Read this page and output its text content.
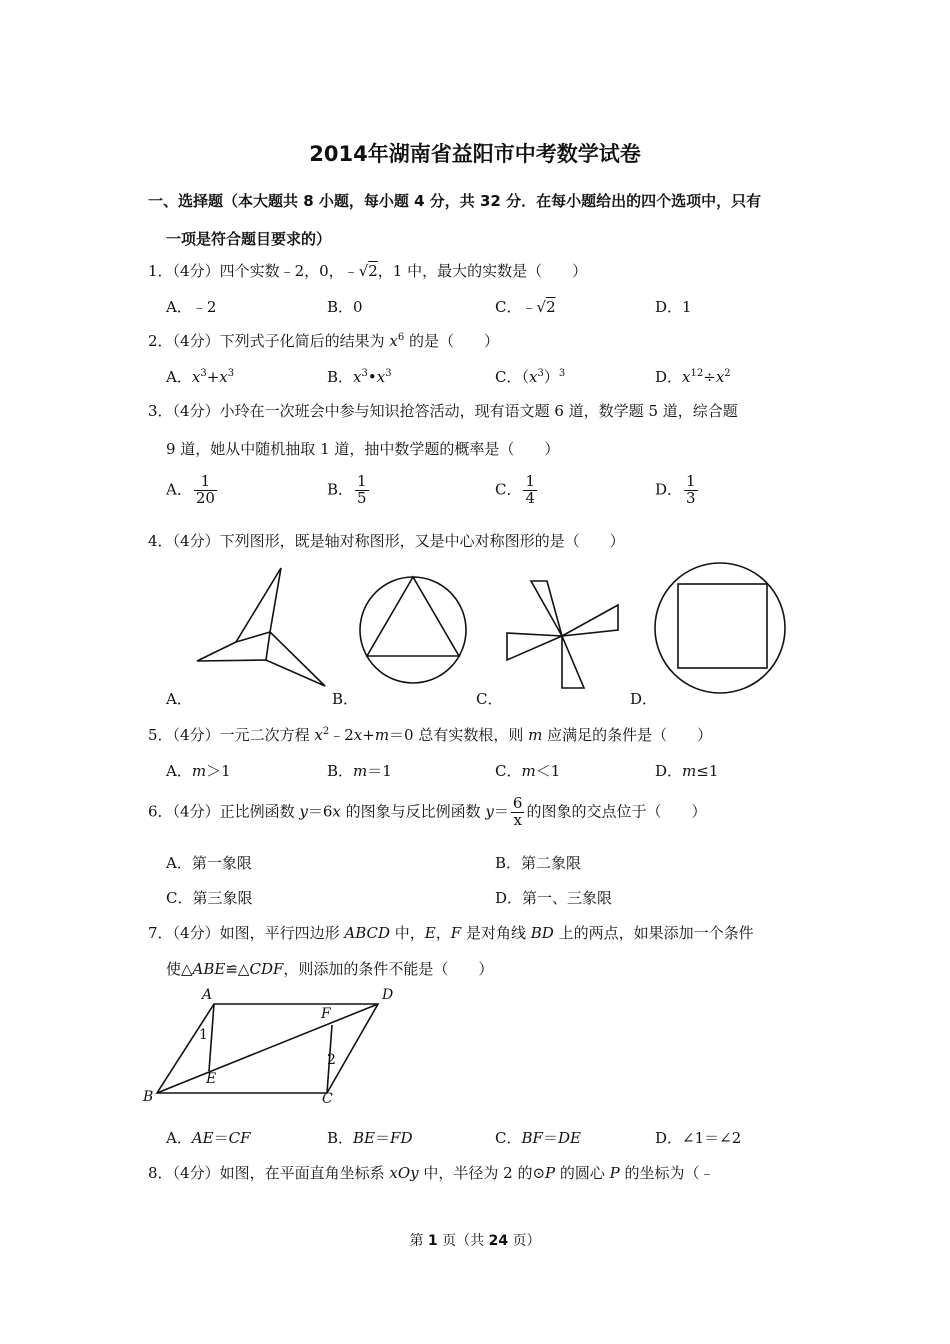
2014年湖南省益阳市中考数学试卷
一、选择题（本大题共 8 小题，每小题 4 分，共 32 分．在每小题给出的四个选项中，只有
一项是符合题目要求的）
1．（4分）四个实数﹣2，0，﹣√2，1 中，最大的实数是（　　）
A．﹣2	B．0	C．﹣√2	D．1
2．（4分）下列式子化简后的结果为 $x^6$ 的是（　　）
A．$x^3+x^3$	B．$x^3•x^3$	C．$(x^3)^3$	D．$x^{12}\div x^2$
3．（4分）小玲在一次班会中参与知识抢答活动，现有语文题 6 道，数学题 5 道，综合题
9 道，她从中随机抽取 1 道，抽中数学题的概率是（　　）
A． $\frac{1}{20}$	B． $\frac{1}{5}$	C． $\frac{1}{4}$	D． $\frac{1}{3}$
4．（4分）下列图形，既是轴对称图形，又是中心对称图形的是（　　）
A．	B．	C．	D．
5．（4分）一元二次方程 $x^2﹣2x+m=0$ 总有实数根，则 m 应满足的条件是（　　）
A．m＞1	B．m＝1	C．m＜1	D．m≤1
6．（4分）正比例函数 y＝6x 的图象与反比例函数 $y= \frac{6}{x}$ 的图象的交点位于（　　）
A．第一象限	B．第二象限
C．第三象限	D．第一、三象限
7．（4分）如图，平行四边形 ABCD 中，E，F 是对角线 BD 上的两点，如果添加一个条件
使△ABE≌△CDF，则添加的条件不能是（　　）
A	D
B	C
E
F
1
2
A．AE＝CF	B．BE＝FD	C．BF＝DE	D．∠1＝∠2
8．（4分）如图，在平面直角坐标系 xOy 中，半径为 2 的⊙P 的圆心 P 的坐标为（﹣
第 1 页（共 24 页）
